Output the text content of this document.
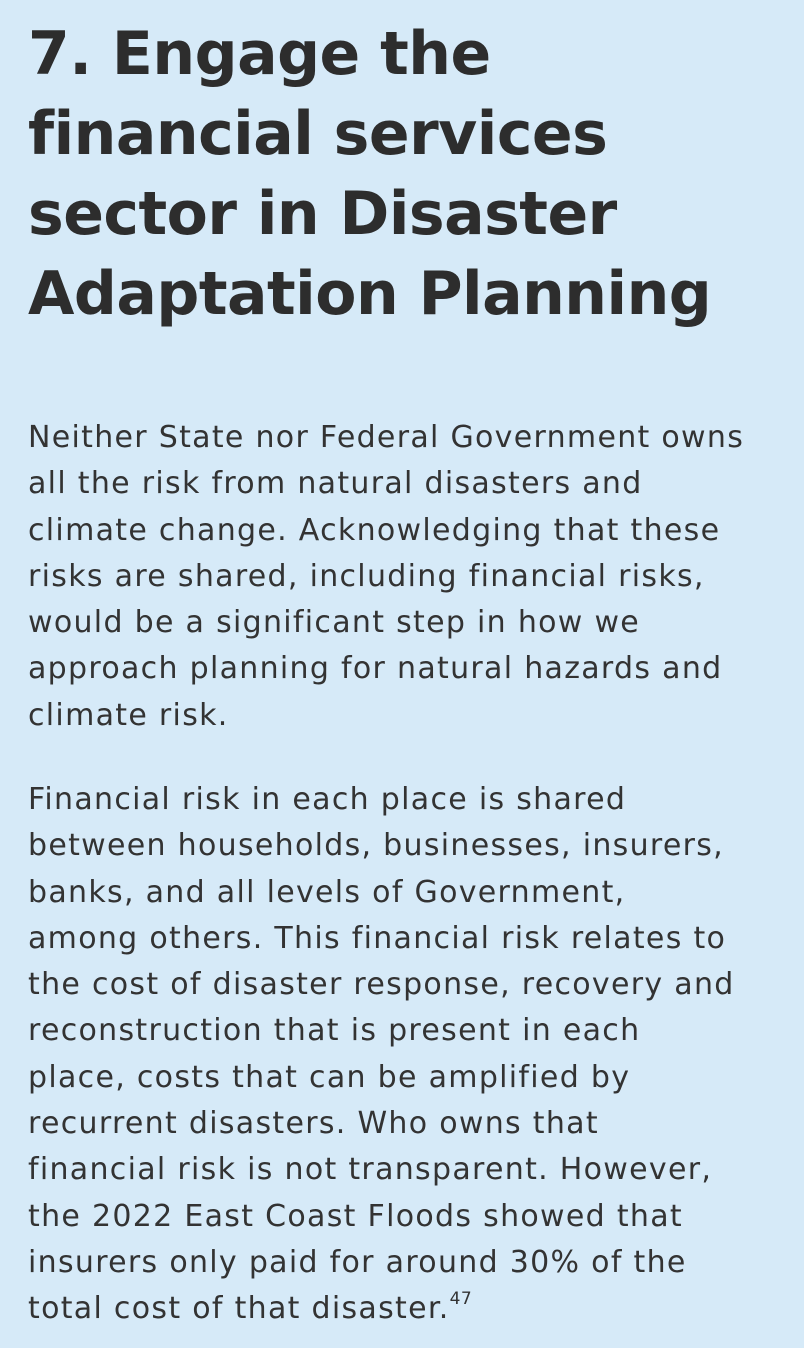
7. Engage the
financial services
sector in Disaster
Adaptation Planning

Neither State nor Federal Government owns
all the risk from natural disasters and
climate change. Acknowledging that these
risks are shared, including financial risks,
would be a significant step in how we
approach planning for natural hazards and
climate risk.

Financial risk in each place is shared
between households, businesses, insurers,
banks, and all levels of Government,
among others. This financial risk relates to
the cost of disaster response, recovery and
reconstruction that is present in each
place, costs that can be amplified by
recurrent disasters. Who owns that
financial risk is not transparent. However,
the 2022 East Coast Floods showed that
insurers only paid for around 30% of the
total cost of that disaster.$^{47}$
